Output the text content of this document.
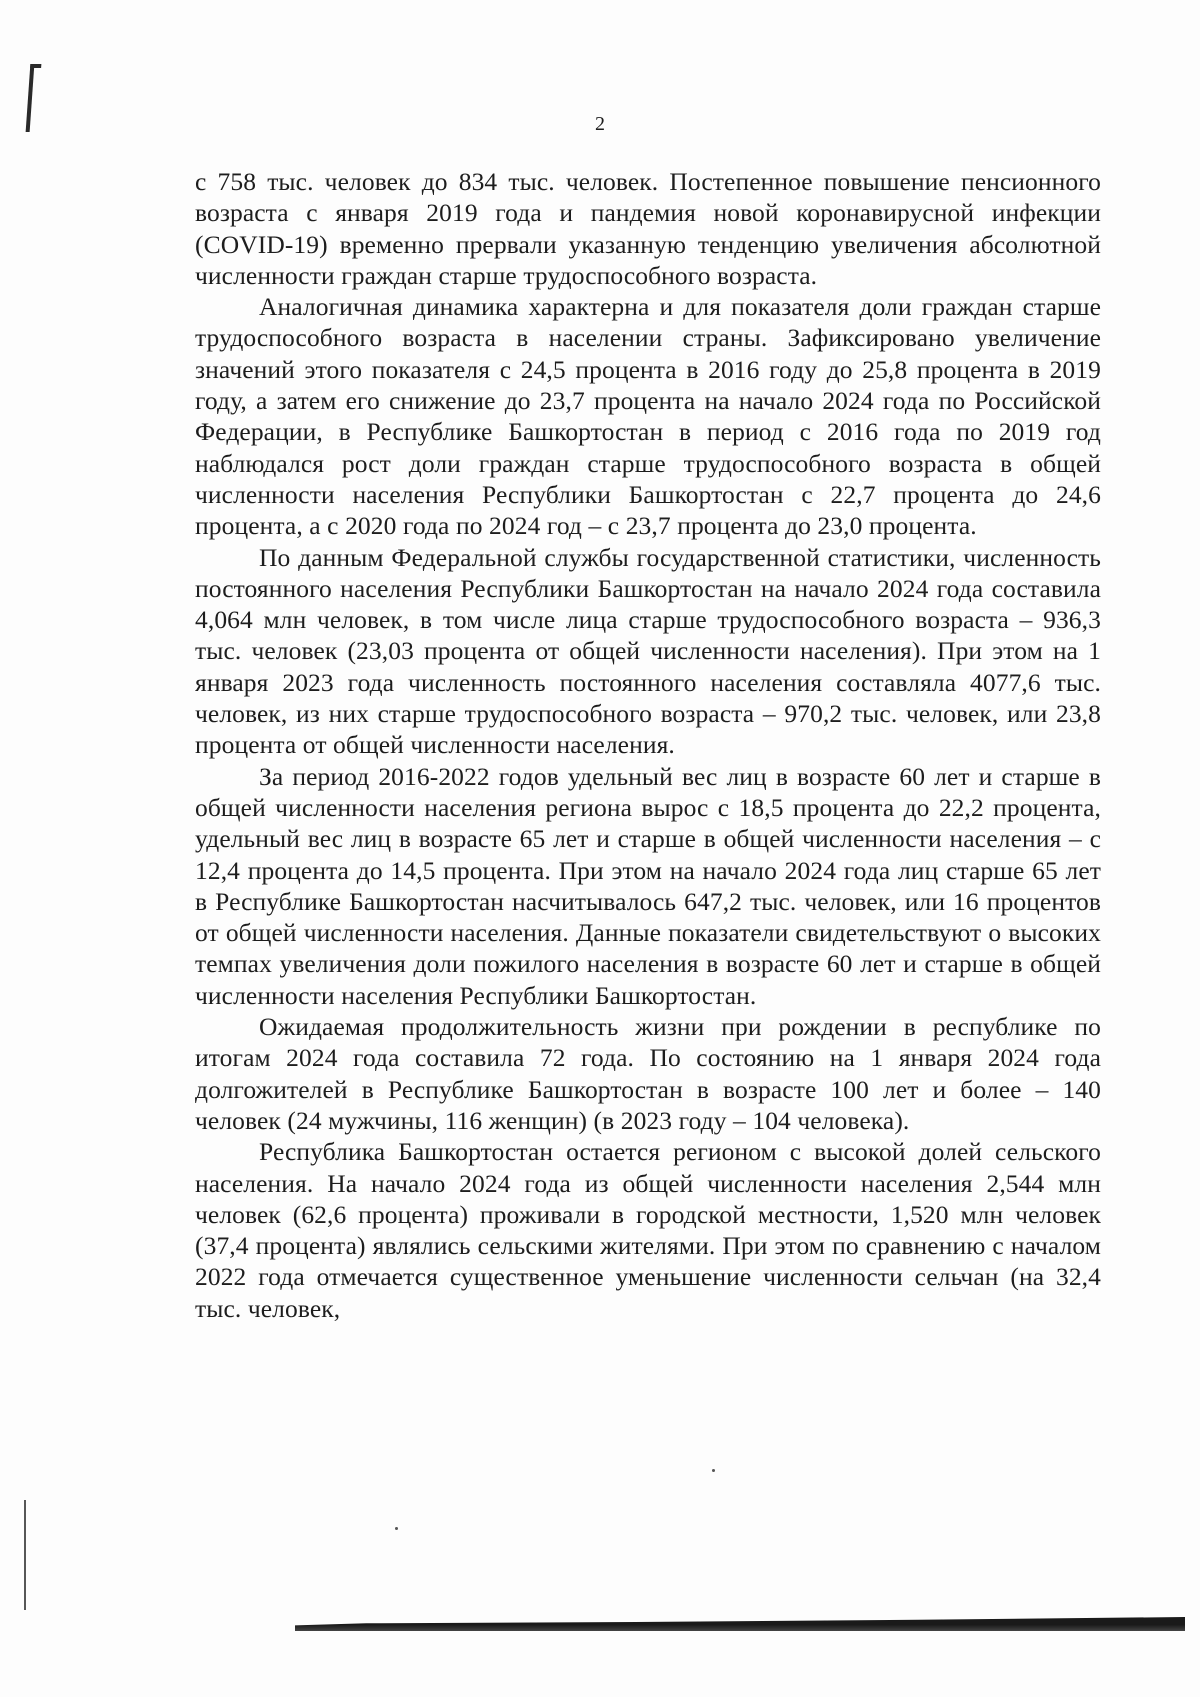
2

с 758 тыс. человек до 834 тыс. человек. Постепенное повышение пенсионного возраста с января 2019 года и пандемия новой коронавирусной инфекции (COVID-19) временно прервали указанную тенденцию увеличения абсолютной численности граждан старше трудоспособного возраста.

Аналогичная динамика характерна и для показателя доли граждан старше трудоспособного возраста в населении страны. Зафиксировано увеличение значений этого показателя с 24,5 процента в 2016 году до 25,8 процента в 2019 году, а затем его снижение до 23,7 процента на начало 2024 года по Российской Федерации, в Республике Башкортостан в период с 2016 года по 2019 год наблюдался рост доли граждан старше трудоспособного возраста в общей численности населения Республики Башкортостан с 22,7 процента до 24,6 процента, а с 2020 года по 2024 год – с 23,7 процента до 23,0 процента.

По данным Федеральной службы государственной статистики, численность постоянного населения Республики Башкортостан на начало 2024 года составила 4,064 млн человек, в том числе лица старше трудоспособного возраста – 936,3 тыс. человек (23,03 процента от общей численности населения). При этом на 1 января 2023 года численность постоянного населения составляла 4077,6 тыс. человек, из них старше трудоспособного возраста – 970,2 тыс. человек, или 23,8 процента от общей численности населения.

За период 2016-2022 годов удельный вес лиц в возрасте 60 лет и старше в общей численности населения региона вырос с 18,5 процента до 22,2 процента, удельный вес лиц в возрасте 65 лет и старше в общей численности населения – с 12,4 процента до 14,5 процента. При этом на начало 2024 года лиц старше 65 лет в Республике Башкортостан насчитывалось 647,2 тыс. человек, или 16 процентов от общей численности населения. Данные показатели свидетельствуют о высоких темпах увеличения доли пожилого населения в возрасте 60 лет и старше в общей численности населения Республики Башкортостан.

Ожидаемая продолжительность жизни при рождении в республике по итогам 2024 года составила 72 года. По состоянию на 1 января 2024 года долгожителей в Республике Башкортостан в возрасте 100 лет и более – 140 человек (24 мужчины, 116 женщин) (в 2023 году – 104 человека).

Республика Башкортостан остается регионом с высокой долей сельского населения. На начало 2024 года из общей численности населения 2,544 млн человек (62,6 процента) проживали в городской местности, 1,520 млн человек (37,4 процента) являлись сельскими жителями. При этом по сравнению с началом 2022 года отмечается существенное уменьшение численности сельчан (на 32,4 тыс. человек,
